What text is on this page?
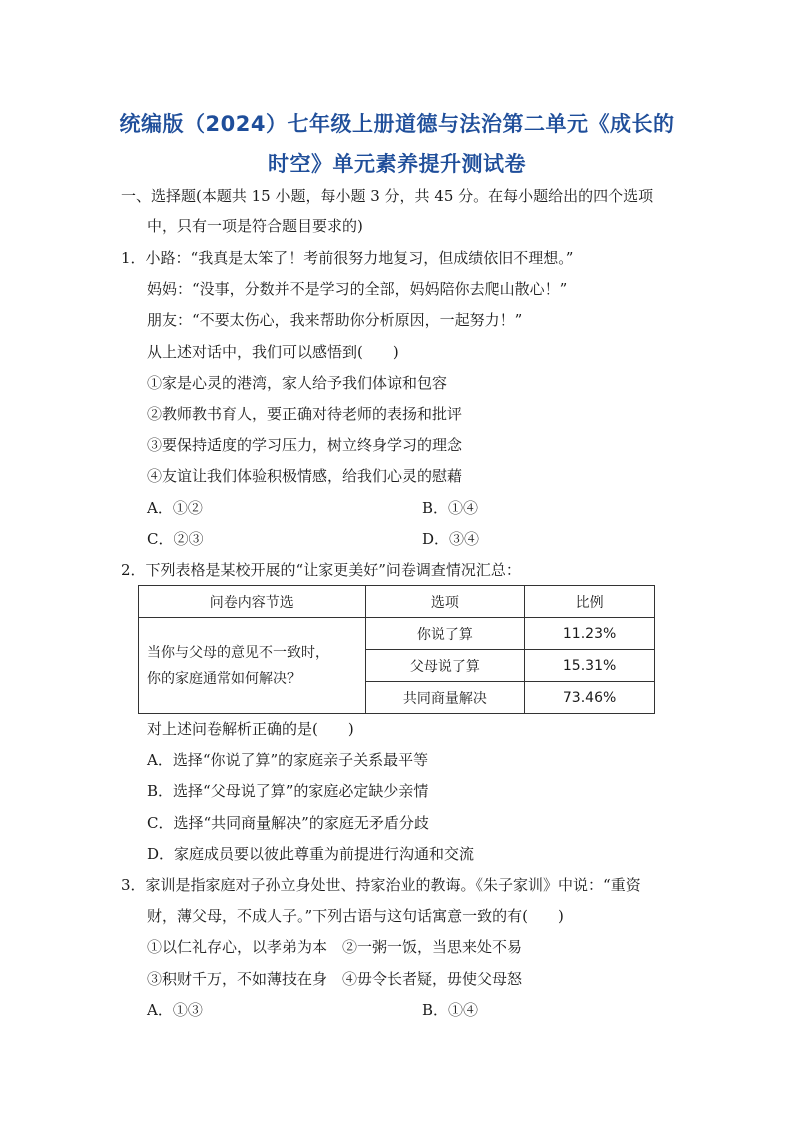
统编版（2024）七年级上册道德与法治第二单元《成长的
时空》单元素养提升测试卷
一、选择题(本题共 15 小题，每小题 3 分，共 45 分。在每小题给出的四个选项
中，只有一项是符合题目要求的)
1．小路：“我真是太笨了！考前很努力地复习，但成绩依旧不理想。”
妈妈：“没事，分数并不是学习的全部，妈妈陪你去爬山散心！”
朋友：“不要太伤心，我来帮助你分析原因，一起努力！”
从上述对话中，我们可以感悟到(　　)
①家是心灵的港湾，家人给予我们体谅和包容
②教师教书育人，要正确对待老师的表扬和批评
③要保持适度的学习压力，树立终身学习的理念
④友谊让我们体验积极情感，给我们心灵的慰藉
A．①②	B．①④
C．②③	D．③④
2．下列表格是某校开展的“让家更美好”问卷调查情况汇总：
问卷内容节选	选项	比例

当你与父母的意见不一致时，
你的家庭通常如何解决？	你说了算	11.23%
	父母说了算	15.31%
	共同商量解决	73.46%
对上述问卷解析正确的是(　　)
A．选择“你说了算”的家庭亲子关系最平等
B．选择“父母说了算”的家庭必定缺少亲情
C．选择“共同商量解决”的家庭无矛盾分歧
D．家庭成员要以彼此尊重为前提进行沟通和交流
3．家训是指家庭对子孙立身处世、持家治业的教诲。《朱子家训》中说：“重资
财，薄父母，不成人子。”下列古语与这句话寓意一致的有(　　)
①以仁礼存心，以孝弟为本　②一粥一饭，当思来处不易
③积财千万，不如薄技在身　④毋令长者疑，毋使父母怒
A．①③	B．①④
